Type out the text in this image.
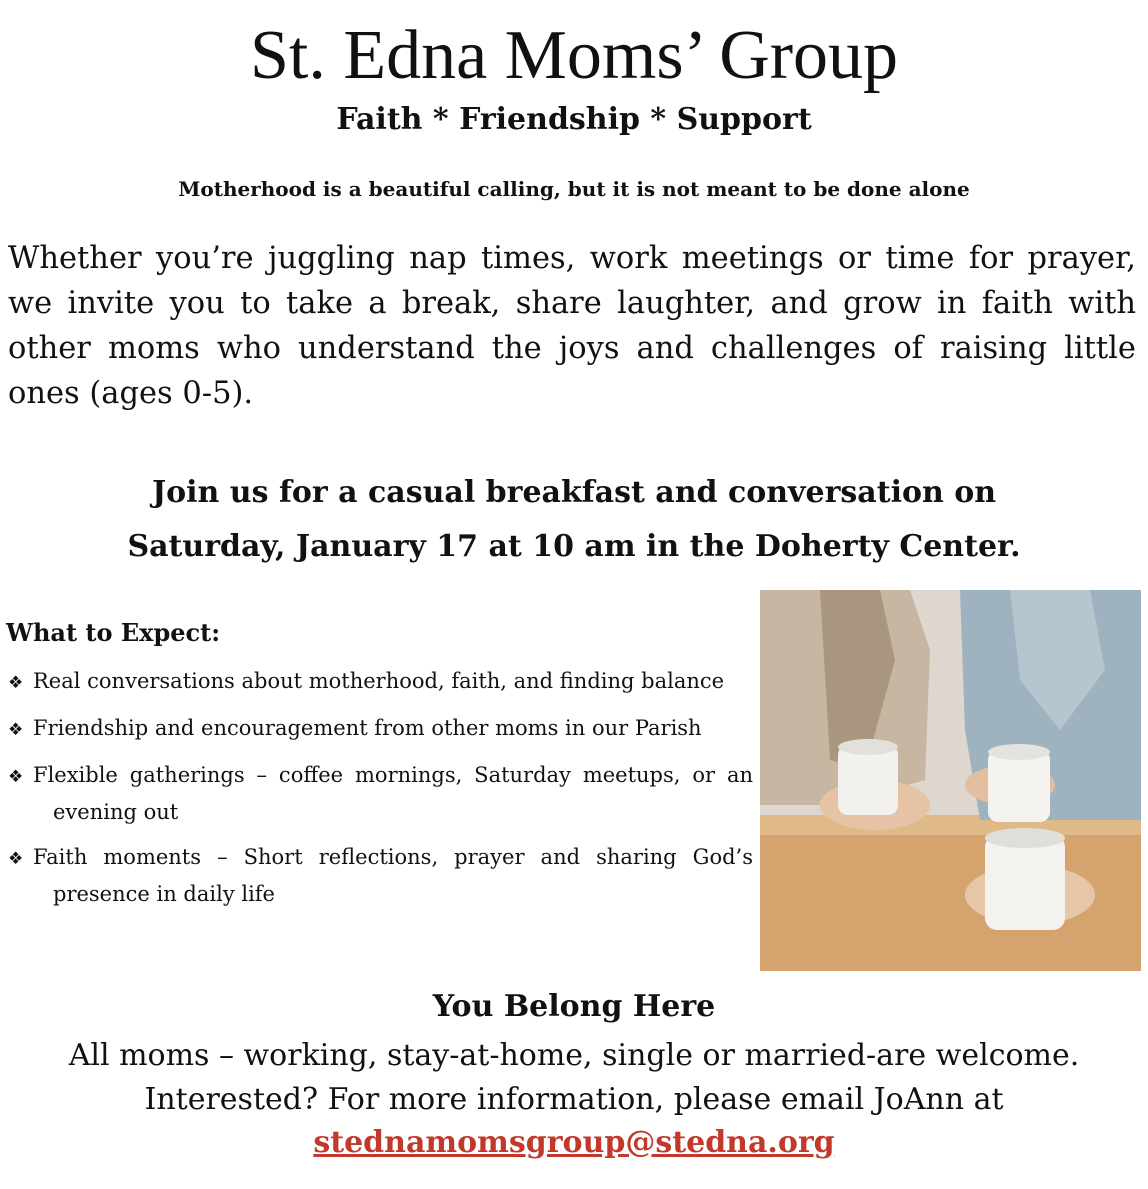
St. Edna Moms’ Group
Faith * Friendship * Support
Motherhood is a beautiful calling, but it is not meant to be done alone

Whether you’re juggling nap times, work meetings or time for prayer, we invite you to take a break, share laughter, and grow in faith with other moms who understand the joys and challenges of raising little ones (ages 0-5).

Join us for a casual breakfast and conversation on
Saturday, January 17 at 10 am in the Doherty Center.
What to Expect:
❖ Real conversations about motherhood, faith, and finding balance
❖ Friendship and encouragement from other moms in our Parish
❖ Flexible gatherings – coffee mornings, Saturday meetups, or an evening out
❖ Faith moments – Short reflections, prayer and sharing God’s presence in daily life
You Belong Here

All moms – working, stay-at-home, single or married-are welcome. Interested? For more information, please email JoAnn at

stednamomsgroup@stedna.org
